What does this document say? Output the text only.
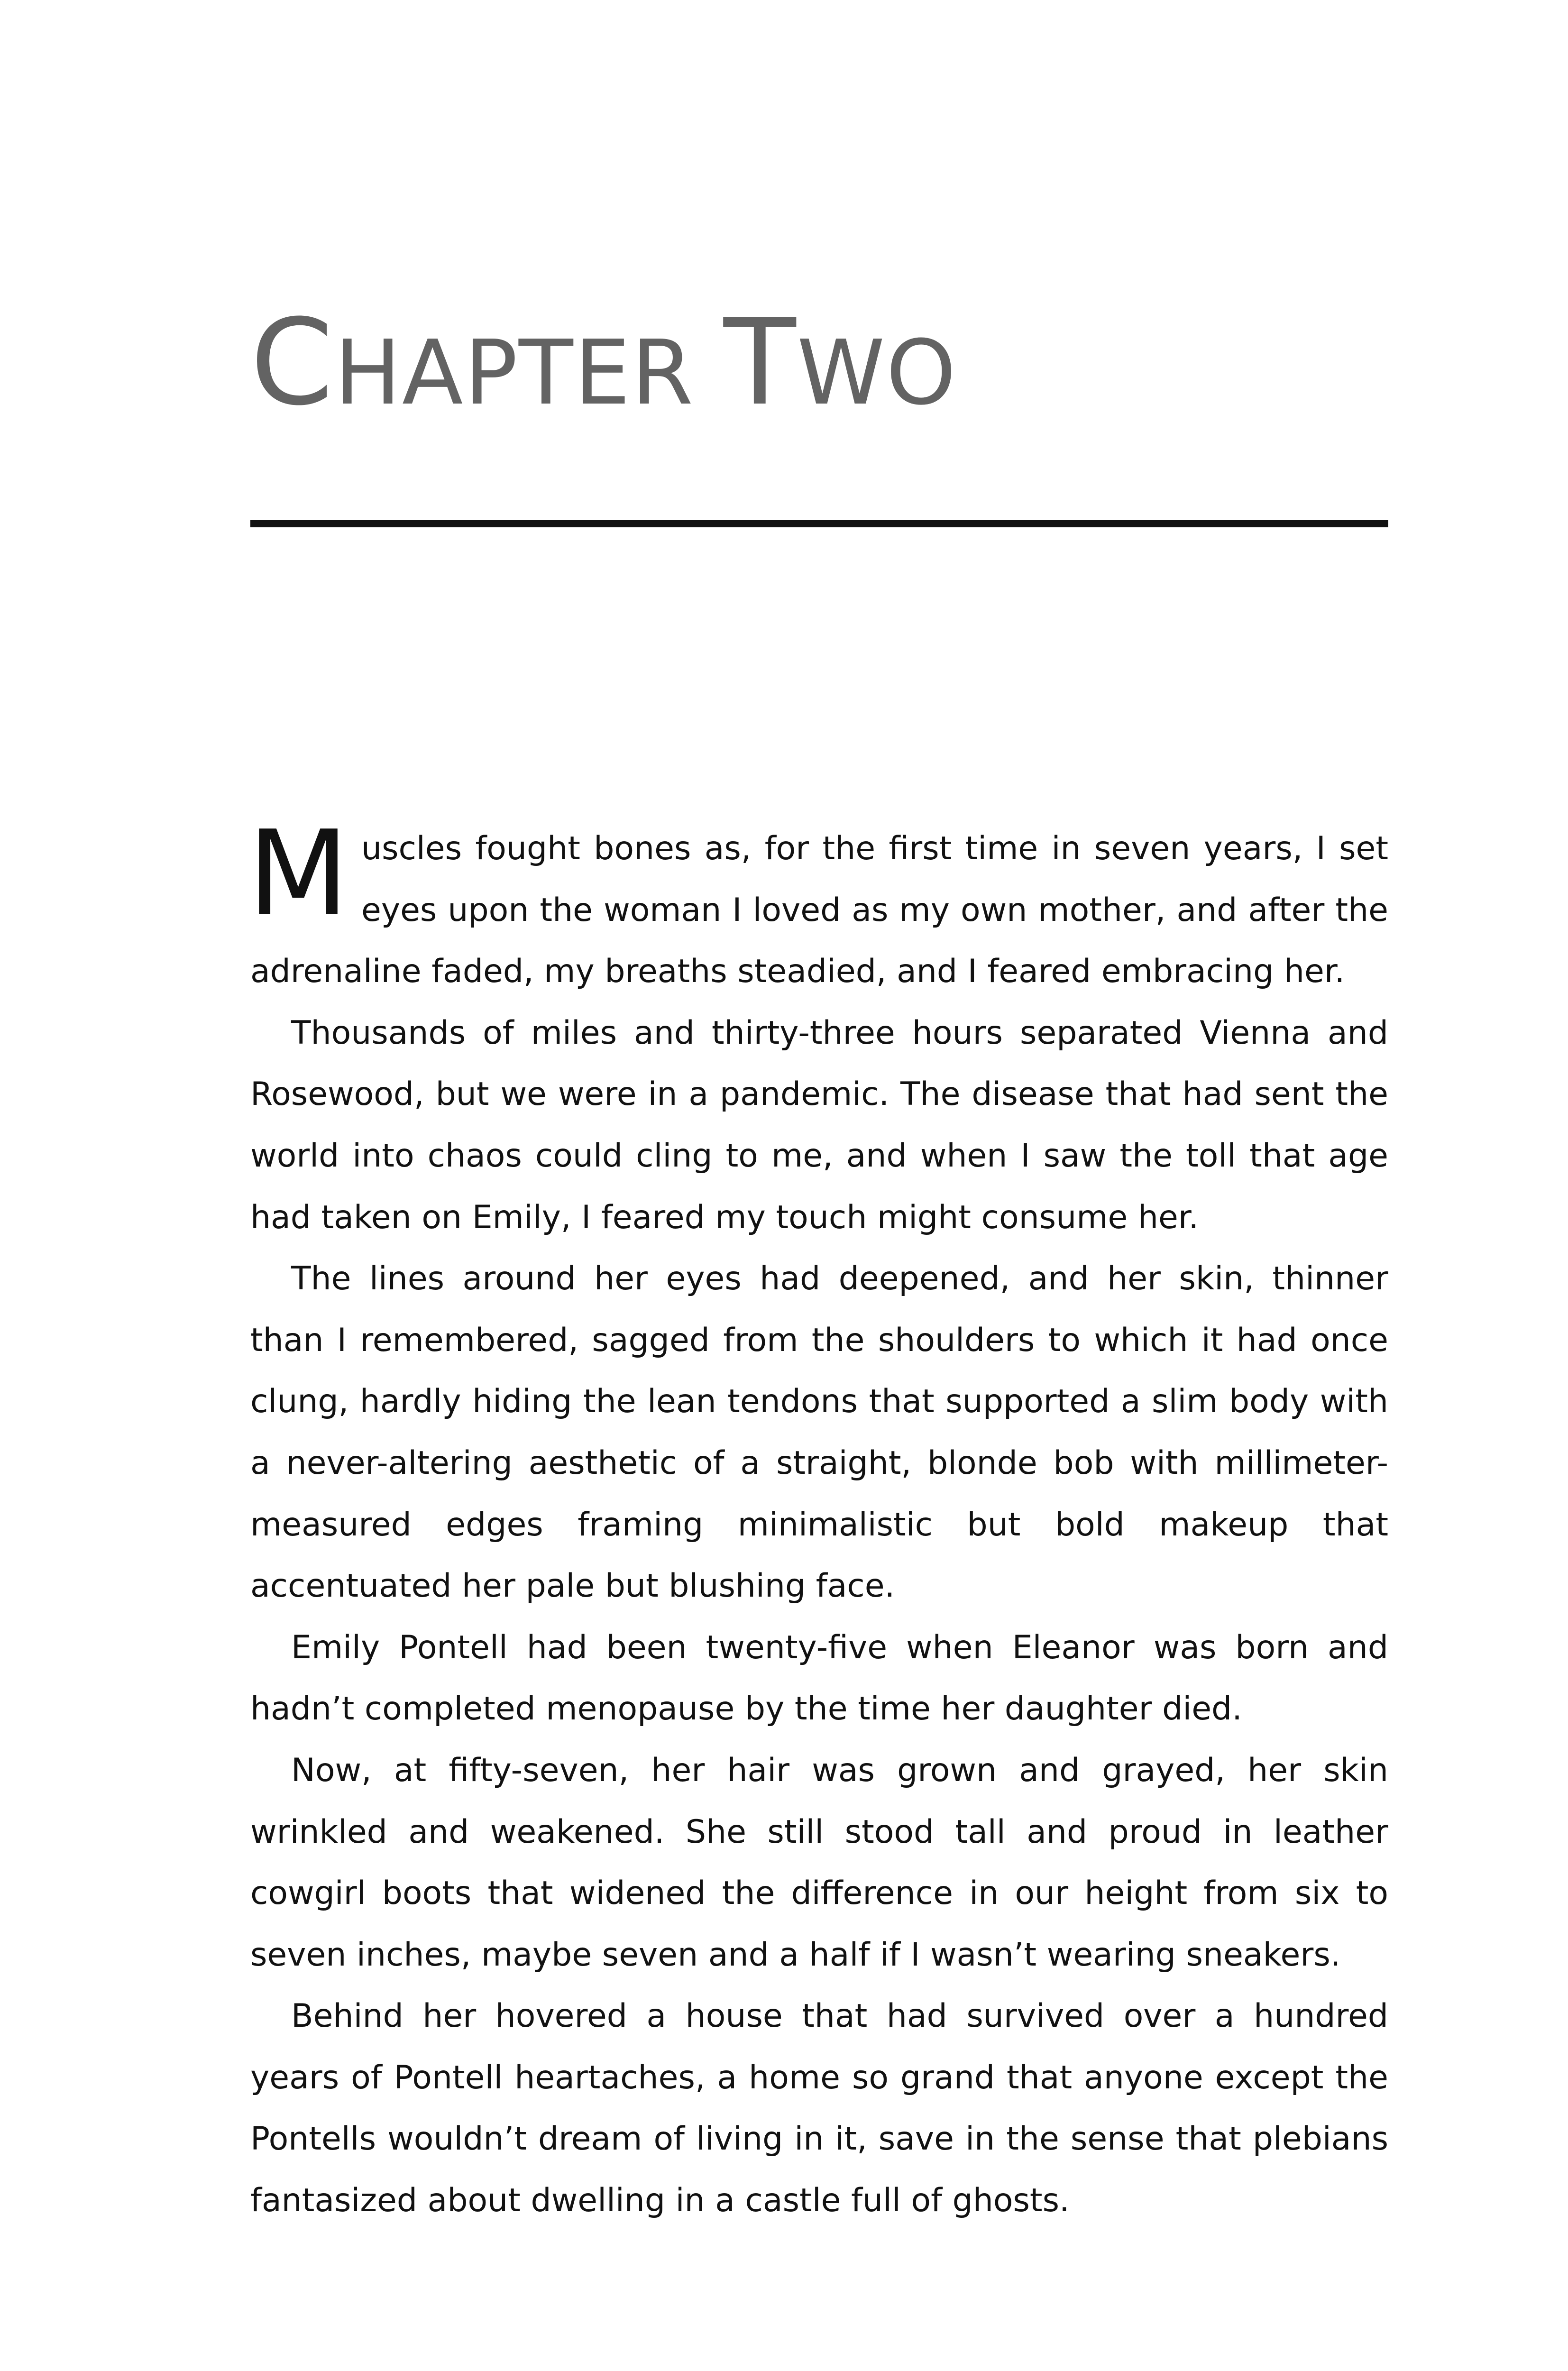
CHAPTER TWO

Muscles fought bones as, for the first time in seven years, I set eyes upon the woman I loved as my own mother, and after the adrenaline faded, my breaths steadied, and I feared embracing her.

Thousands of miles and thirty-three hours separated Vienna and Rosewood, but we were in a pandemic. The disease that had sent the world into chaos could cling to me, and when I saw the toll that age had taken on Emily, I feared my touch might consume her.

The lines around her eyes had deepened, and her skin, thinner than I remembered, sagged from the shoulders to which it had once clung, hardly hiding the lean tendons that supported a slim body with a never-altering aesthetic of a straight, blonde bob with millimeter-measured edges framing minimalistic but bold makeup that accentuated her pale but blushing face.

Emily Pontell had been twenty-five when Eleanor was born and hadn’t completed menopause by the time her daughter died.

Now, at fifty-seven, her hair was grown and grayed, her skin wrinkled and weakened. She still stood tall and proud in leather cowgirl boots that widened the difference in our height from six to seven inches, maybe seven and a half if I wasn’t wearing sneakers.

Behind her hovered a house that had survived over a hundred years of Pontell heartaches, a home so grand that anyone except the Pontells wouldn’t dream of living in it, save in the sense that plebians fantasized about dwelling in a castle full of ghosts.
